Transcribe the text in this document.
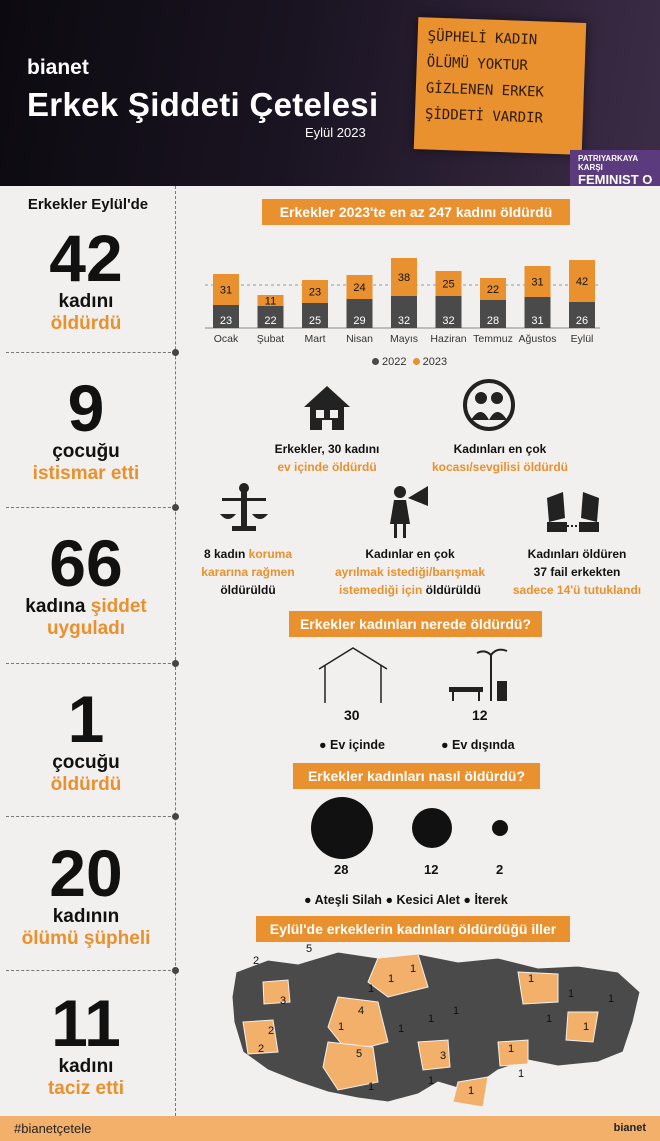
ŞÜPHELİ KADIN
ÖLÜMÜ YOKTUR
GİZLENEN ERKEK
ŞİDDETİ VARDIR
PATRIYARKAYA KARŞI
FEMINIST O
bianet
Erkek Şiddeti Çetelesi
Eylül 2023
Erkekler Eylül'de
42
kadını
öldürdü
9
çocuğu
istismar etti
66
kadına şiddet
uyguladı
1
çocuğu
öldürdü
20
kadının
ölümü şüpheli
11
kadını
taciz etti
Erkekler 2023'te en az 247 kadını öldürdü
23
31
Ocak
22
11
Şubat
25
23
Mart
29
24
Nisan
32
38
Mayıs
32
25
Haziran
28
22
Temmuz
31
31
Ağustos
26
42
Eylül
2022 2023
Erkekler, 30 kadını
ev içinde öldürdü
Kadınları en çok
kocası/sevgilisi öldürdü
8 kadın koruma
kararına rağmen
öldürüldü
Kadınlar en çok
ayrılmak istediği/barışmak
istemediği için öldürüldü
Kadınları öldüren
37 fail erkekten
sadece 14'ü tutuklandı
Erkekler kadınları nerede öldürdü?
30	12
● Ev içinde	● Ev dışında
Erkekler kadınları nasıl öldürdü?
28	12	2
● Ateşli Silah ● Kesici Alet ● İterek
Eylül'de erkeklerin kadınları öldürdüğü iller
2
5
3
2
2
1
1
1
4
1	1
1
1
5	3
1
1	1
1
1
1
1
1
1
1
#bianetçetele	bianet
